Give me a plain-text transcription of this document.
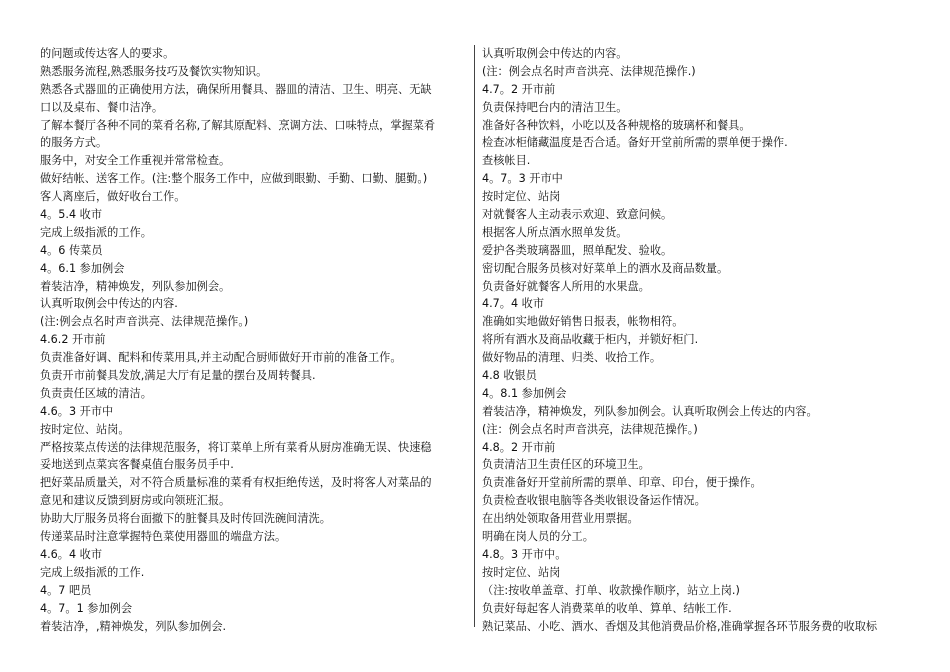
的问题或传达客人的要求。
熟悉服务流程,熟悉服务技巧及餐饮实物知识。
熟悉各式器皿的正确使用方法，确保所用餐具、器皿的清洁、卫生、明亮、无缺
口以及桌布、餐巾洁净。
了解本餐厅各种不同的菜肴名称,了解其原配料、烹调方法、口味特点，掌握菜肴
的服务方式。
服务中，对安全工作重视并常常检查。
做好结帐、送客工作。(注:整个服务工作中，应做到眼勤、手勤、口勤、腿勤。)
客人离座后，做好收台工作。
4。5.4 收市
完成上级指派的工作。
4。6 传菜员
4。6.1 参加例会
着装洁净，精神焕发，列队参加例会。
认真听取例会中传达的内容.
(注:例会点名时声音洪亮、法律规范操作。)
4.6.2 开市前
负责准备好调、配料和传菜用具,并主动配合厨师做好开市前的准备工作。
负责开市前餐具发放,满足大厅有足量的摆台及周转餐具.
负责责任区域的清洁。
4.6。3 开市中
按时定位、站岗。
严格按菜点传送的法律规范服务，将订菜单上所有菜肴从厨房准确无误、快速稳
妥地送到点菜宾客餐桌值台服务员手中.
把好菜品质量关，对不符合质量标准的菜肴有权拒绝传送，及时将客人对菜品的
意见和建议反馈到厨房或向领班汇报。
协助大厅服务员将台面撤下的脏餐具及时传回洗碗间清洗。
传递菜品时注意掌握特色菜使用器皿的端盘方法。
4.6。4 收市
完成上级指派的工作.
4。7 吧员
4。7。1 参加例会
着装洁净，,精神焕发，列队参加例会.
认真听取例会中传达的内容。
(注：例会点名时声音洪亮、法律规范操作.)
4.7。2 开市前
负责保持吧台内的清洁卫生。
准备好各种饮料，小吃以及各种规格的玻璃杯和餐具。
检查冰柜储藏温度是否合适。备好开堂前所需的票单便于操作.
查核帐目.
4。7。3 开市中
按时定位、站岗
对就餐客人主动表示欢迎、致意问候。
根据客人所点酒水照单发货。
爱护各类玻璃器皿，照单配发、验收。
密切配合服务员核对好菜单上的酒水及商品数量。
负责备好就餐客人所用的水果盘。
4.7。4 收市
准确如实地做好销售日报表，帐物相符。
将所有酒水及商品收藏于柜内，并锁好柜门.
做好物品的清理、归类、收拾工作。
4.8 收银员
4。8.1 参加例会
着装洁净，精神焕发，列队参加例会。认真听取例会上传达的内容。
(注：例会点名时声音洪亮，法律规范操作。)
4.8。2 开市前
负责清洁卫生责任区的环境卫生。
负责准备好开堂前所需的票单、印章、印台，便于操作。
负责检查收银电脑等各类收银设备运作情况。
在出纳处领取备用营业用票据。
明确在岗人员的分工。
4.8。3 开市中。
按时定位、站岗
（注:按收单盖章、打单、收款操作顺序，站立上岗.)
负责好每起客人消费菜单的收单、算单、结帐工作.
熟记菜品、小吃、酒水、香烟及其他消费品价格,准确掌握各环节服务费的收取标
